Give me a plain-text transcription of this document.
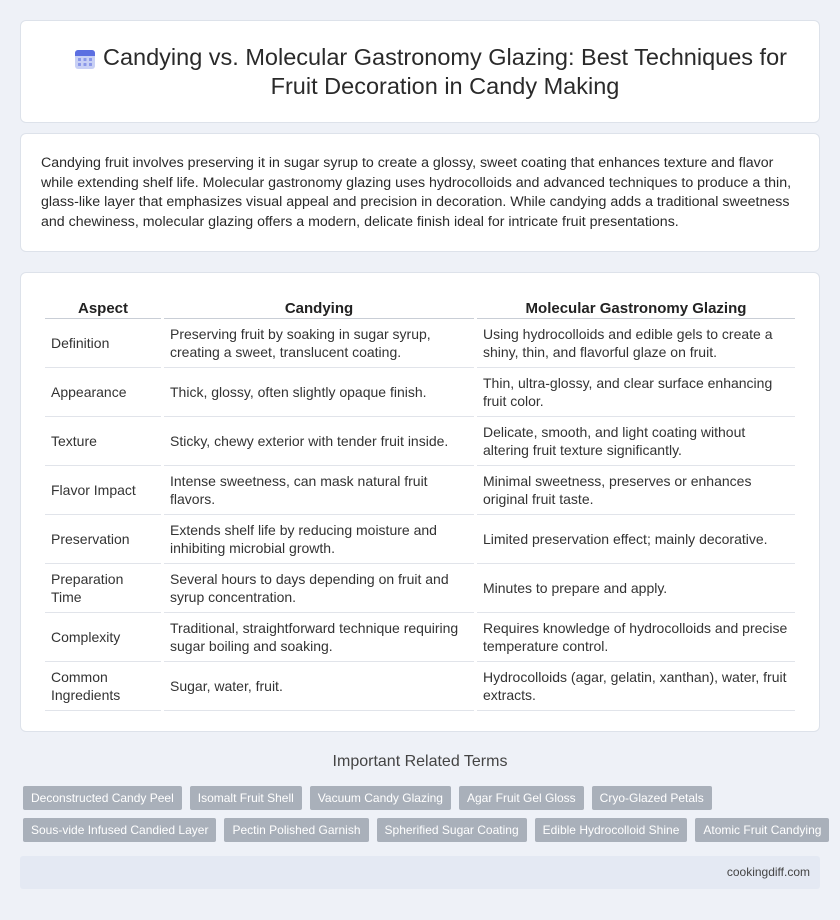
Candying vs. Molecular Gastronomy Glazing: Best Techniques for Fruit Decoration in Candy Making

Candying fruit involves preserving it in sugar syrup to create a glossy, sweet coating that enhances texture and flavor while extending shelf life. Molecular gastronomy glazing uses hydrocolloids and advanced techniques to produce a thin, glass-like layer that emphasizes visual appeal and precision in decoration. While candying adds a traditional sweetness and chewiness, molecular glazing offers a modern, delicate finish ideal for intricate fruit presentations.

Aspect	Candying	Molecular Gastronomy Glazing
Definition	Preserving fruit by soaking in sugar syrup, creating a sweet, translucent coating.	Using hydrocolloids and edible gels to create a shiny, thin, and flavorful glaze on fruit.
Appearance	Thick, glossy, often slightly opaque finish.	Thin, ultra-glossy, and clear surface enhancing fruit color.
Texture	Sticky, chewy exterior with tender fruit inside.	Delicate, smooth, and light coating without altering fruit texture significantly.
Flavor Impact	Intense sweetness, can mask natural fruit flavors.	Minimal sweetness, preserves or enhances original fruit taste.
Preservation	Extends shelf life by reducing moisture and inhibiting microbial growth.	Limited preservation effect; mainly decorative.
Preparation Time	Several hours to days depending on fruit and syrup concentration.	Minutes to prepare and apply.
Complexity	Traditional, straightforward technique requiring sugar boiling and soaking.	Requires knowledge of hydrocolloids and precise temperature control.
Common Ingredients	Sugar, water, fruit.	Hydrocolloids (agar, gelatin, xanthan), water, fruit extracts.
Important Related Terms
Deconstructed Candy Peel	Isomalt Fruit Shell	Vacuum Candy Glazing	Agar Fruit Gel Gloss	Cryo-Glazed Petals
Sous-vide Infused Candied Layer	Pectin Polished Garnish	Spherified Sugar Coating	Edible Hydrocolloid Shine	Atomic Fruit Candying
cookingdiff.com
